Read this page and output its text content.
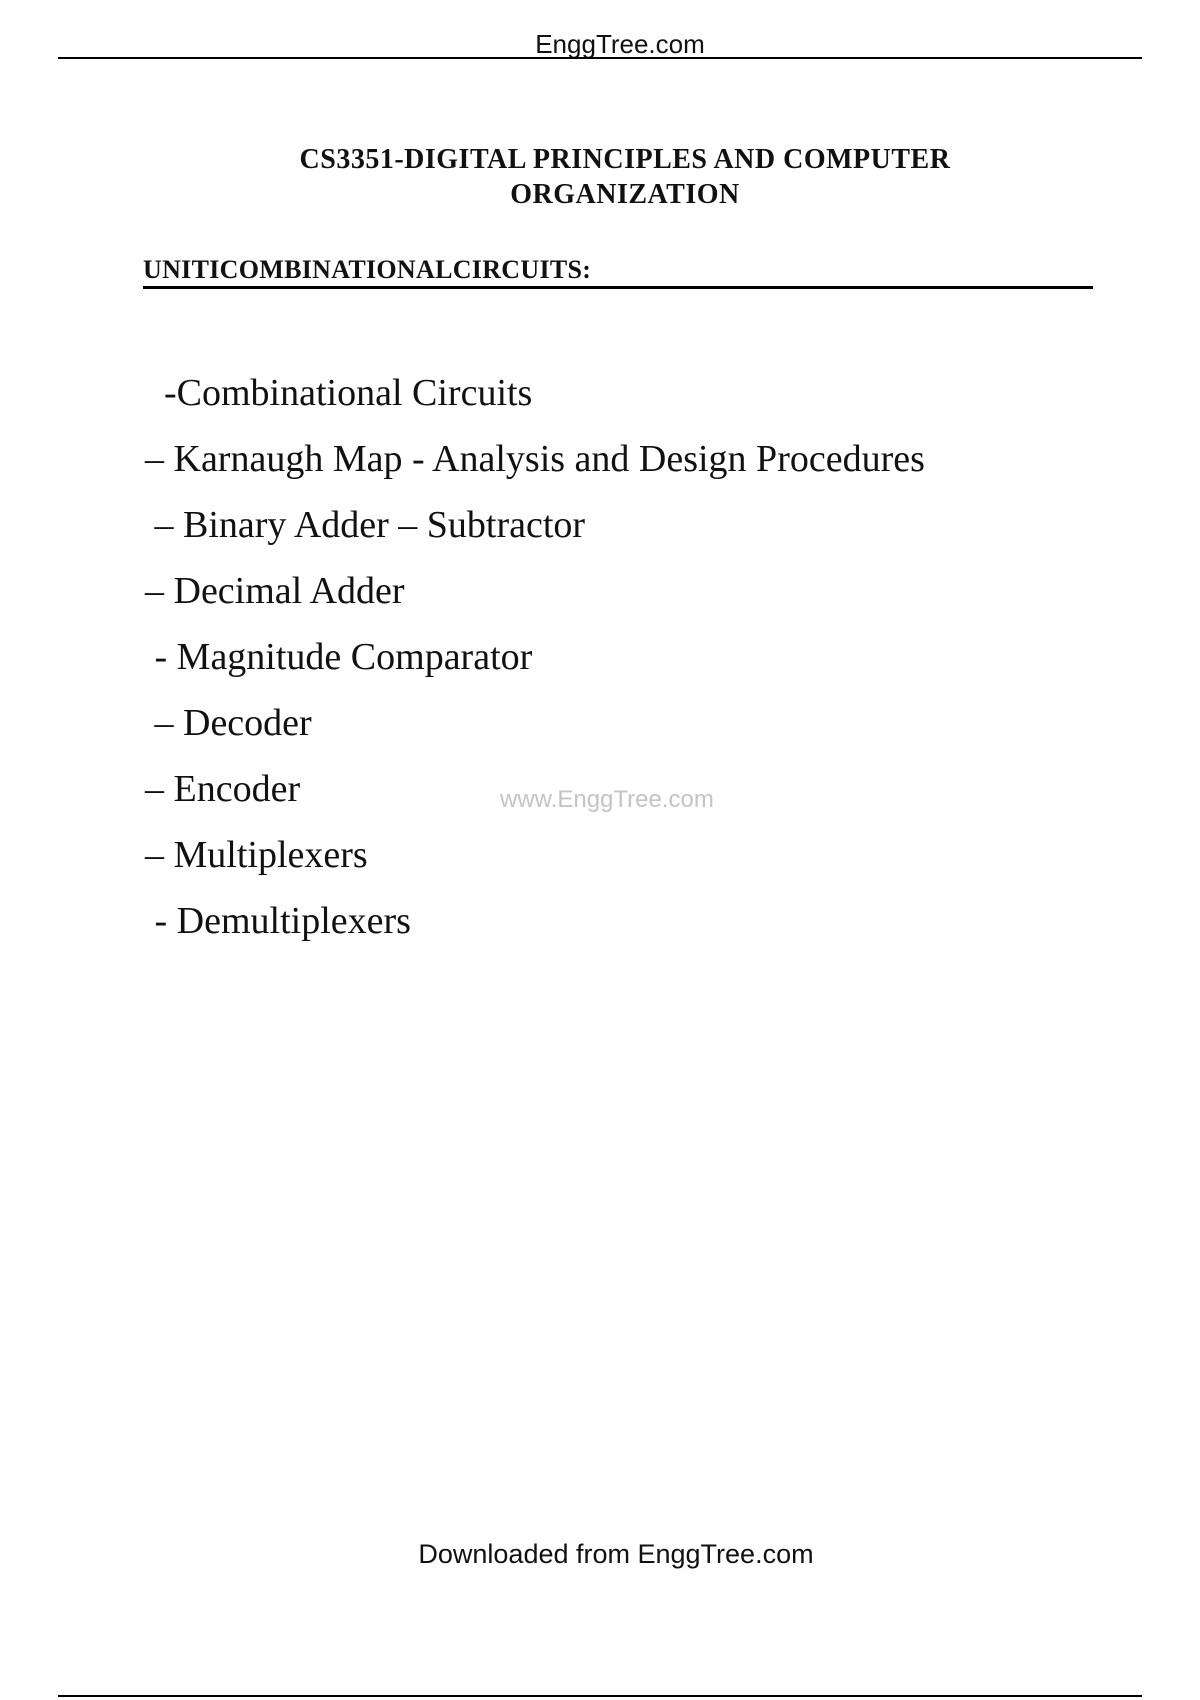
EnggTree.com
CS3351-DIGITAL PRINCIPLES AND COMPUTER
ORGANIZATION
UNITICOMBINATIONALCIRCUITS:
-Combinational Circuits
– Karnaugh Map - Analysis and Design Procedures
– Binary Adder – Subtractor
– Decimal Adder
- Magnitude Comparator
– Decoder
– Encoder
– Multiplexers
- Demultiplexers
www.EnggTree.com
Downloaded from EnggTree.com
